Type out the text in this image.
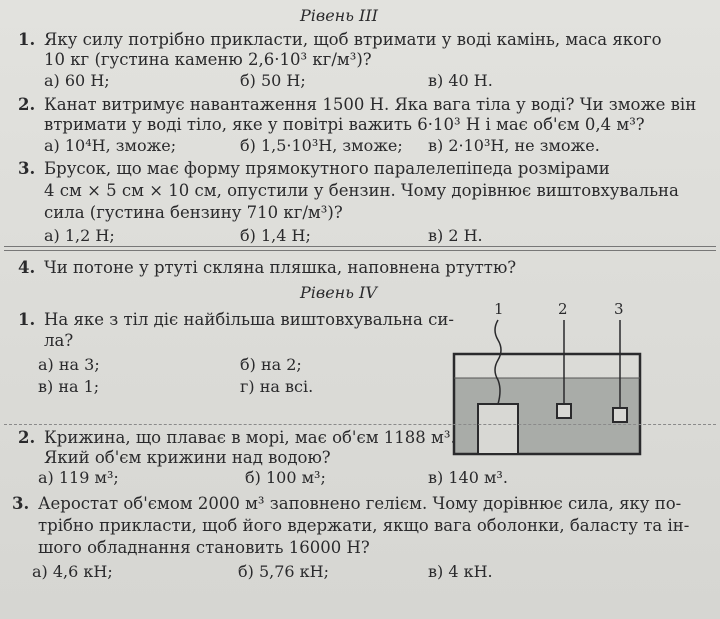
Рівень ІІІ
1. Яку силу потрібно прикласти, щоб втримати у воді камінь, маса якого
10 кг (густина каменю 2,6·10³ кг/м³)?
а) 60 Н;	б) 50 Н;	в) 40 Н.
2. Канат витримує навантаження 1500 Н. Яка вага тіла у воді? Чи зможе він
втримати у воді тіло, яке у повітрі важить 6·10³ Н і має об'єм 0,4 м³?
а) 10⁴Н, зможе;	б) 1,5·10³Н, зможе; в) 2·10³Н, не зможе.
3. Брусок, що має форму прямокутного паралелепіпеда розмірами
4 см × 5 см × 10 см, опустили у бензин. Чому дорівнює виштовхувальна
сила (густина бензину 710 кг/м³)?
а) 1,2 Н;	б) 1,4 Н;	в) 2 Н.
4. Чи потоне у ртуті скляна пляшка, наповнена ртуттю?
Рівень IV
1. На яке з тіл діє найбільша виштовхувальна си-
ла?
а) на 3;	б) на 2;
в) на 1;	г) на всі.
1	2	3
2. Крижина, що плаває в морі, має об'єм 1188 м³.
Який об'єм крижини над водою?
а) 119 м³;	б) 100 м³;	в) 140 м³.
3. Аеростат об'ємом 2000 м³ заповнено гелієм. Чому дорівнює сила, яку по-
трібно прикласти, щоб його вдержати, якщо вага оболонки, баласту та ін-
шого обладнання становить 16000 Н?
а) 4,6 кН;	б) 5,76 кН;	в) 4 кН.
